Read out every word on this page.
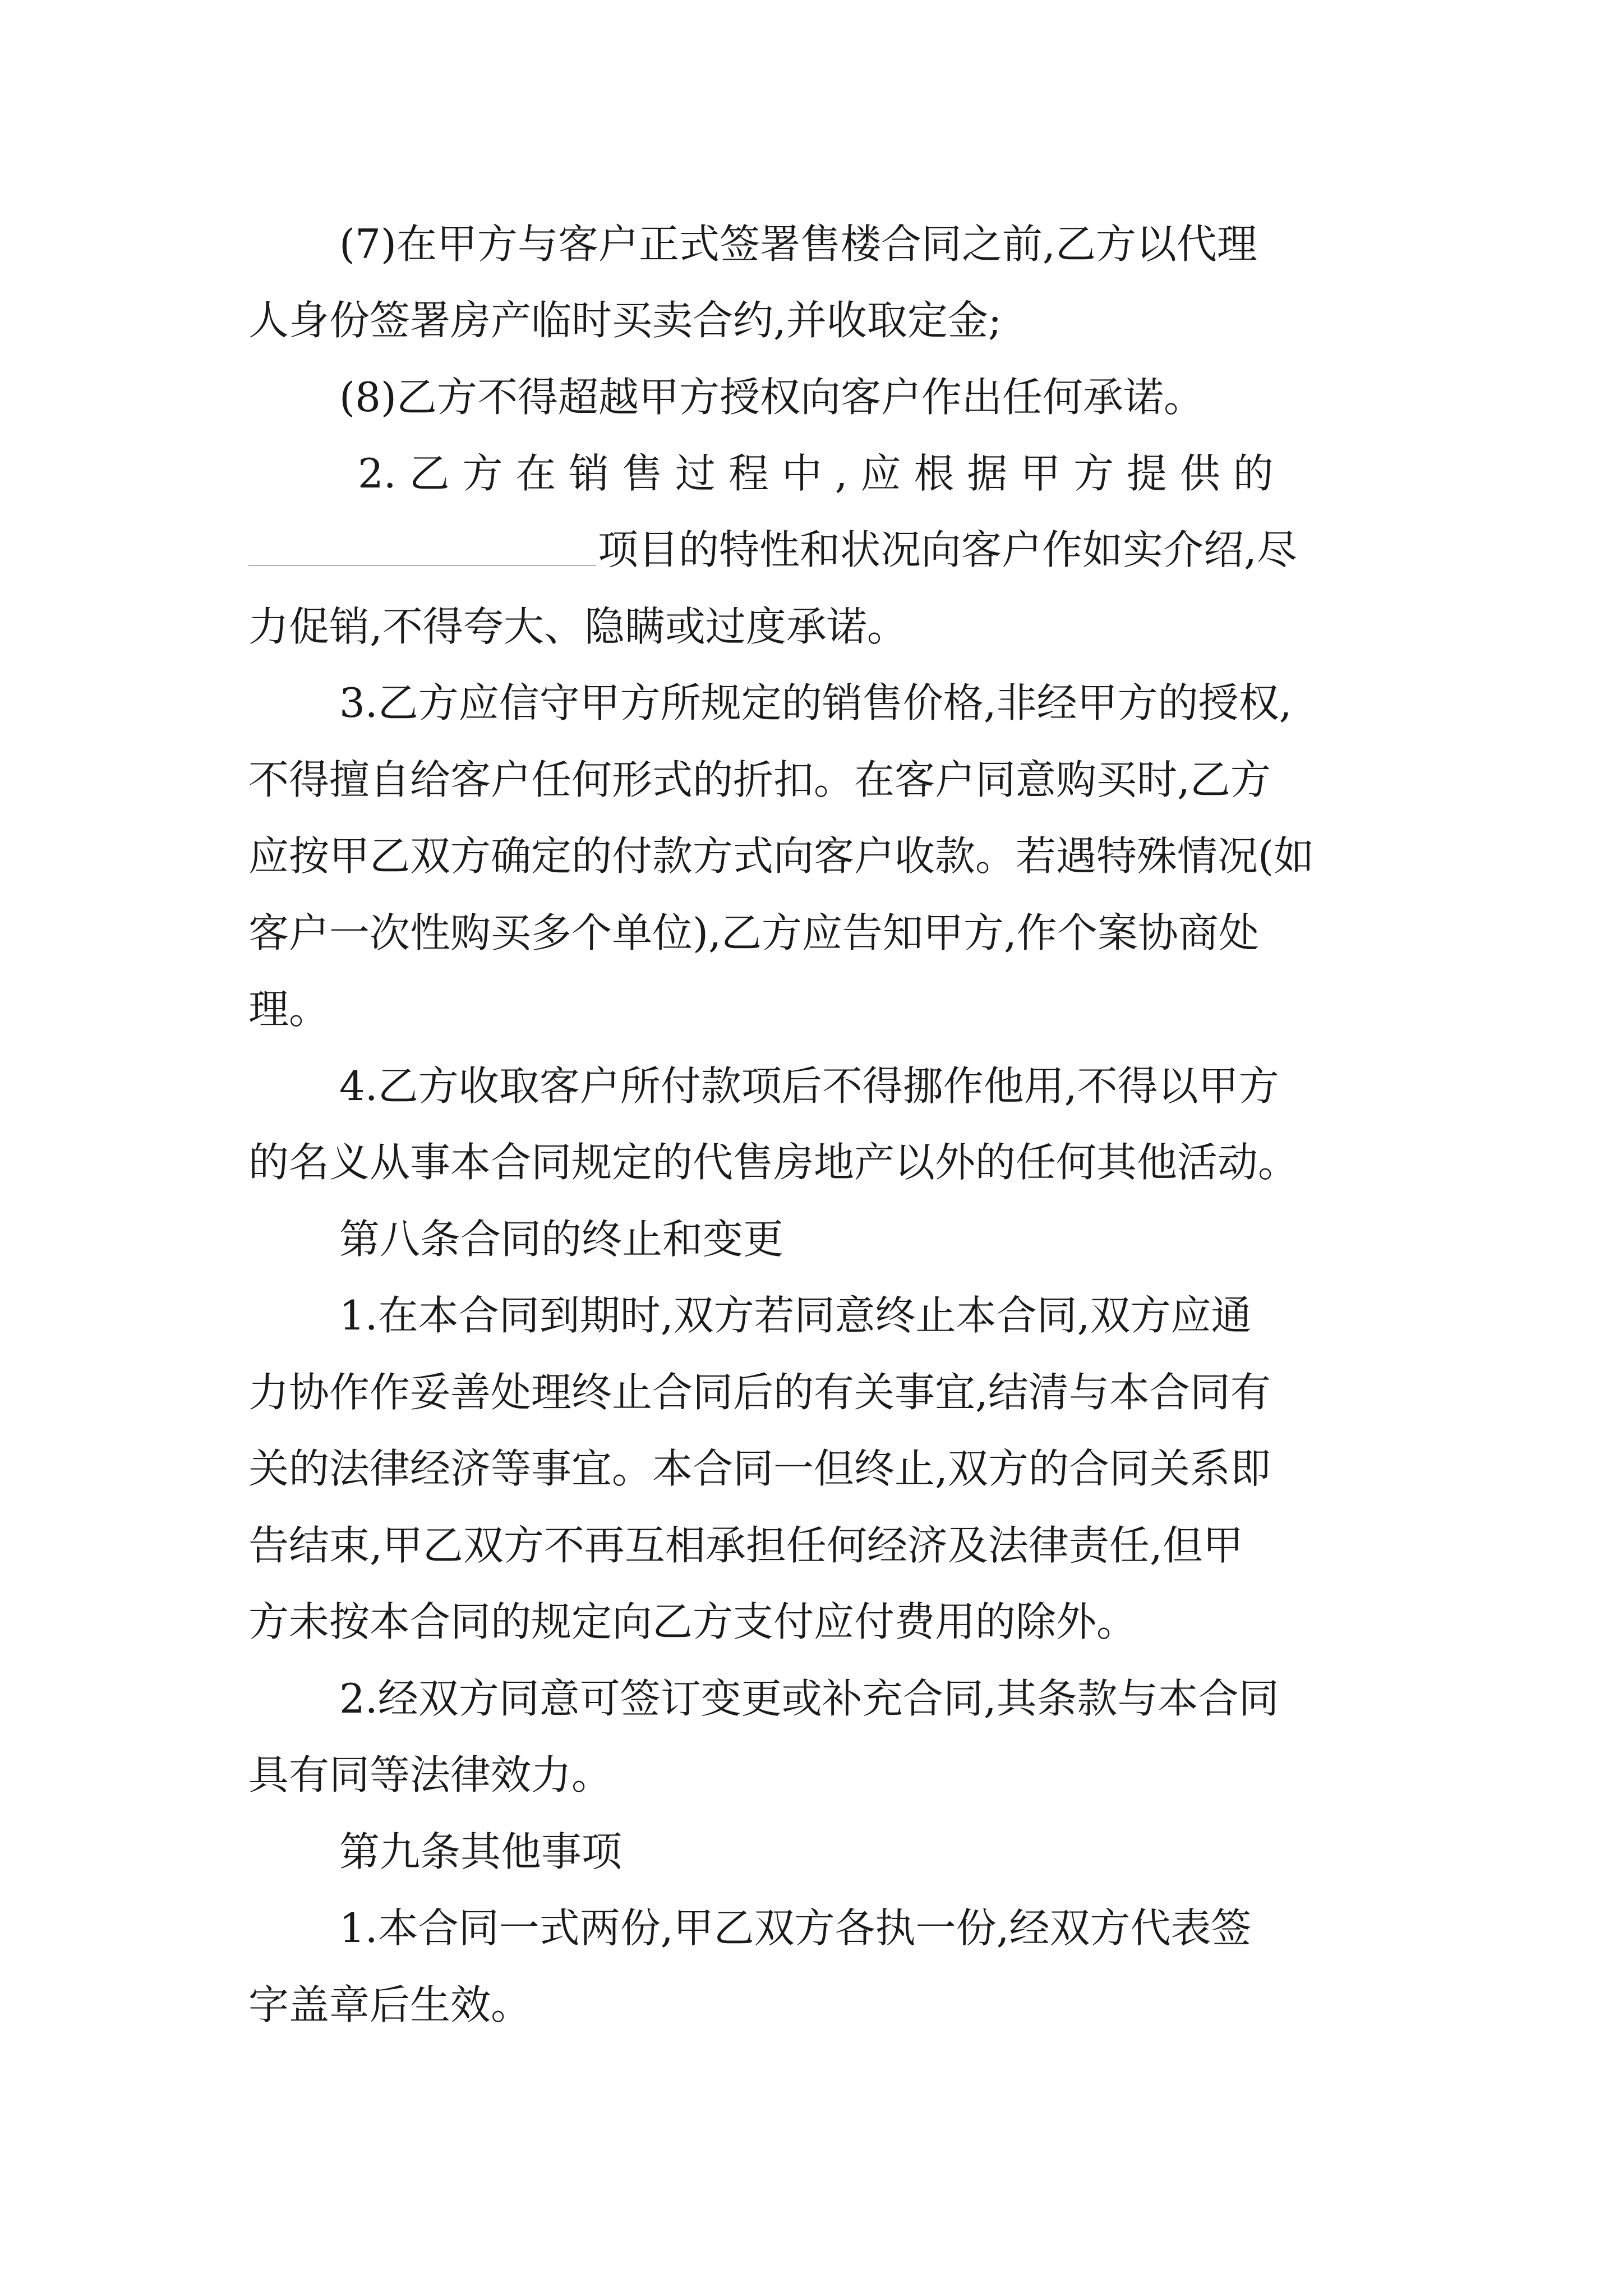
(7)在甲方与客户正式签署售楼合同之前,乙方以代理
人身份签署房产临时买卖合约,并收取定金;
(8)乙方不得超越甲方授权向客户作出任何承诺。
2. 乙 方 在 销 售 过 程 中 , 应 根 据 甲 方 提 供 的
项目的特性和状况向客户作如实介绍,尽
力促销,不得夸大、隐瞒或过度承诺。
3.乙方应信守甲方所规定的销售价格,非经甲方的授权,
不得擅自给客户任何形式的折扣。在客户同意购买时,乙方
应按甲乙双方确定的付款方式向客户收款。若遇特殊情况(如
客户一次性购买多个单位),乙方应告知甲方,作个案协商处
理。
4.乙方收取客户所付款项后不得挪作他用,不得以甲方
的名义从事本合同规定的代售房地产以外的任何其他活动。
第八条合同的终止和变更
1.在本合同到期时,双方若同意终止本合同,双方应通
力协作作妥善处理终止合同后的有关事宜,结清与本合同有
关的法律经济等事宜。本合同一但终止,双方的合同关系即
告结束,甲乙双方不再互相承担任何经济及法律责任,但甲
方未按本合同的规定向乙方支付应付费用的除外。
2.经双方同意可签订变更或补充合同,其条款与本合同
具有同等法律效力。
第九条其他事项
1.本合同一式两份,甲乙双方各执一份,经双方代表签
字盖章后生效。
